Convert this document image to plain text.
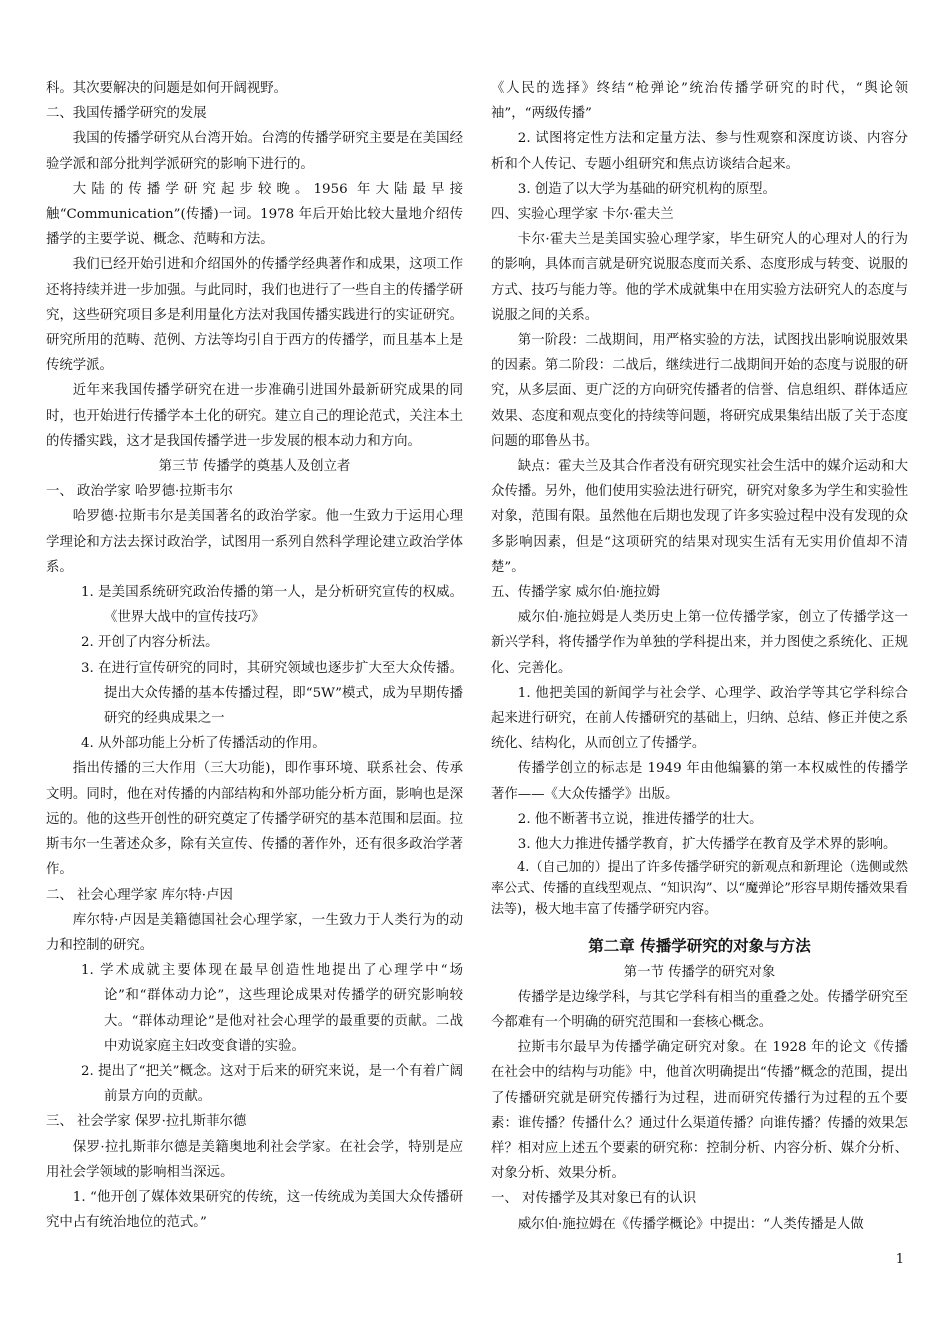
科。其次要解决的问题是如何开阔视野。

二、我国传播学研究的发展

我国的传播学研究从台湾开始。台湾的传播学研究主要是在美国经验学派和部分批判学派研究的影响下进行的。

大陆的传播学研究起步较晚。1956 年大陆最早接触“Communication”(传播)一词。1978 年后开始比较大量地介绍传播学的主要学说、概念、范畴和方法。

我们已经开始引进和介绍国外的传播学经典著作和成果，这项工作还将持续并进一步加强。与此同时，我们也进行了一些自主的传播学研究，这些研究项目多是利用量化方法对我国传播实践进行的实证研究。研究所用的范畴、范例、方法等均引自于西方的传播学，而且基本上是传统学派。

近年来我国传播学研究在进一步准确引进国外最新研究成果的同时，也开始进行传播学本土化的研究。建立自己的理论范式，关注本土的传播实践，这才是我国传播学进一步发展的根本动力和方向。

第三节 传播学的奠基人及创立者

一、 政治学家 哈罗德·拉斯韦尔

哈罗德·拉斯韦尔是美国著名的政治学家。他一生致力于运用心理学理论和方法去探讨政治学，试图用一系列自然科学理论建立政治学体系。

1. 是美国系统研究政治传播的第一人，是分析研究宣传的权威。《世界大战中的宣传技巧》

2. 开创了内容分析法。

3. 在进行宣传研究的同时，其研究领域也逐步扩大至大众传播。提出大众传播的基本传播过程，即“5W”模式，成为早期传播研究的经典成果之一

4. 从外部功能上分析了传播活动的作用。

指出传播的三大作用（三大功能)，即作事环境、联系社会、传承文明。同时，他在对传播的内部结构和外部功能分析方面，影响也是深远的。他的这些开创性的研究奠定了传播学研究的基本范围和层面。拉斯韦尔一生著述众多，除有关宣传、传播的著作外，还有很多政治学著作。

二、 社会心理学家 库尔特·卢因

库尔特·卢因是美籍德国社会心理学家，一生致力于人类行为的动力和控制的研究。

1. 学术成就主要体现在最早创造性地提出了心理学中“场论”和“群体动力论”，这些理论成果对传播学的研究影响较大。“群体动理论”是他对社会心理学的最重要的贡献。二战中劝说家庭主妇改变食谱的实验。

2. 提出了“把关”概念。这对于后来的研究来说，是一个有着广阔前景方向的贡献。

三、 社会学家 保罗·拉扎斯菲尔德

保罗·拉扎斯菲尔德是美籍奥地利社会学家。在社会学，特别是应用社会学领域的影响相当深远。

1. “他开创了媒体效果研究的传统，这一传统成为美国大众传播研究中占有统治地位的范式。”

《人民的选择》终结“枪弹论”统治传播学研究的时代，“舆论领袖”，“两级传播”

2. 试图将定性方法和定量方法、参与性观察和深度访谈、内容分析和个人传记、专题小组研究和焦点访谈结合起来。

3. 创造了以大学为基础的研究机构的原型。

四、实验心理学家 卡尔·霍夫兰

卡尔·霍夫兰是美国实验心理学家，毕生研究人的心理对人的行为的影响，具体而言就是研究说服态度而关系、态度形成与转变、说服的方式、技巧与能力等。他的学术成就集中在用实验方法研究人的态度与说服之间的关系。

第一阶段：二战期间，用严格实验的方法，试图找出影响说服效果的因素。第二阶段：二战后，继续进行二战期间开始的态度与说服的研究，从多层面、更广泛的方向研究传播者的信誉、信息组织、群体适应效果、态度和观点变化的持续等问题，将研究成果集结出版了关于态度问题的耶鲁丛书。

缺点：霍夫兰及其合作者没有研究现实社会生活中的媒介运动和大众传播。另外，他们使用实验法进行研究，研究对象多为学生和实验性对象，范围有限。虽然他在后期也发现了许多实验过程中没有发现的众多影响因素，但是“这项研究的结果对现实生活有无实用价值却不清楚”。

五、传播学家 威尔伯·施拉姆

威尔伯·施拉姆是人类历史上第一位传播学家，创立了传播学这一新兴学科，将传播学作为单独的学科提出来，并力图使之系统化、正规化、完善化。

1. 他把美国的新闻学与社会学、心理学、政治学等其它学科综合起来进行研究，在前人传播研究的基础上，归纳、总结、修正并使之系统化、结构化，从而创立了传播学。

传播学创立的标志是 1949 年由他编纂的第一本权威性的传播学著作——《大众传播学》出版。

2. 他不断著书立说，推进传播学的壮大。

3. 他大力推进传播学教育，扩大传播学在教育及学术界的影响。

4.（自己加的）提出了许多传播学研究的新观点和新理论（选侧或然率公式、传播的直线型观点、“知识沟”、以“魔弹论”形容早期传播效果看法等)，极大地丰富了传播学研究内容。

第二章 传播学研究的对象与方法

第一节 传播学的研究对象

传播学是边缘学科，与其它学科有相当的重叠之处。传播学研究至今都难有一个明确的研究范围和一套核心概念。

拉斯韦尔最早为传播学确定研究对象。在 1928 年的论文《传播在社会中的结构与功能》中，他首次明确提出“传播”概念的范围，提出了传播研究就是研究传播行为过程，进而研究传播行为过程的五个要素：谁传播？传播什么？通过什么渠道传播？向谁传播？传播的效果怎样？相对应上述五个要素的研究称：控制分析、内容分析、媒介分析、对象分析、效果分析。

一、 对传播学及其对象已有的认识

威尔伯·施拉姆在《传播学概论》中提出：“人类传播是人做

1
